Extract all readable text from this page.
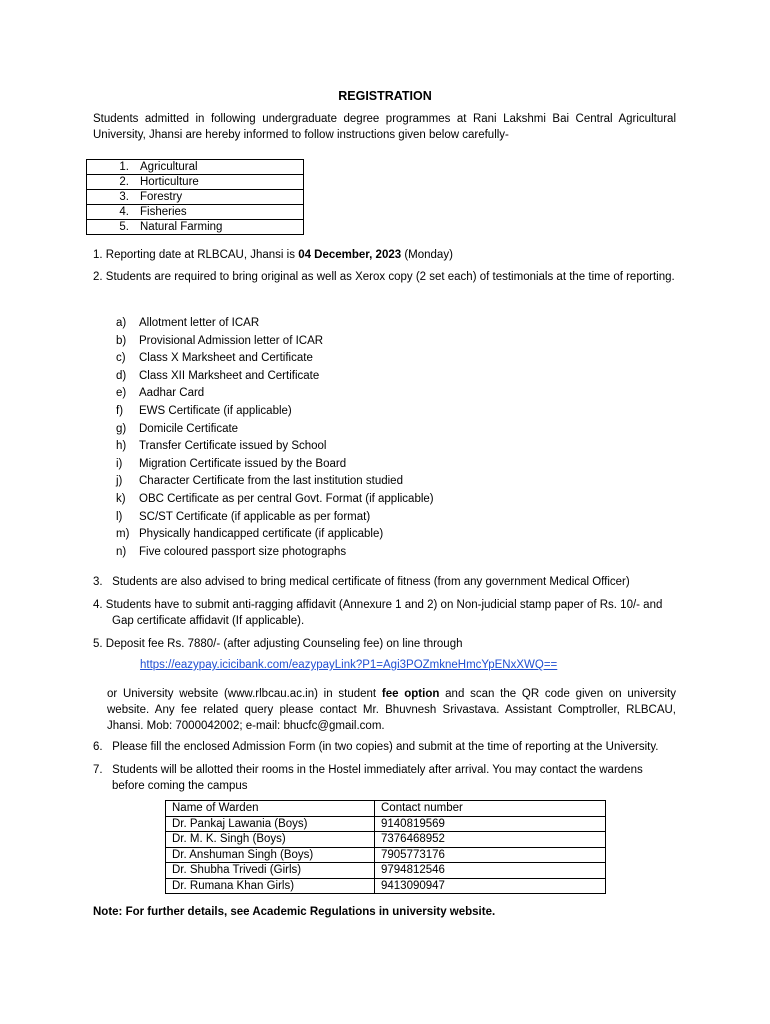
REGISTRATION
Students admitted in following undergraduate degree programmes at Rani Lakshmi Bai Central Agricultural University, Jhansi are hereby informed to follow instructions given below carefully-
1.	Agricultural
2.	Horticulture
3.	Forestry
4.	Fisheries
5.	Natural Farming
1. Reporting date at RLBCAU, Jhansi is 04 December, 2023 (Monday)
2. Students are required to bring original as well as Xerox copy (2 set each) of testimonials at the time of reporting.
a) Allotment letter of ICAR
b) Provisional Admission letter of ICAR
c) Class X Marksheet and Certificate
d) Class XII Marksheet and Certificate
e) Aadhar Card
f) EWS Certificate (if applicable)
g) Domicile Certificate
h) Transfer Certificate issued by School
i) Migration Certificate issued by the Board
j) Character Certificate from the last institution studied
k) OBC Certificate as per central Govt. Format (if applicable)
l) SC/ST Certificate (if applicable as per format)
m) Physically handicapped certificate (if applicable)
n) Five coloured passport size photographs
3.   Students are also advised to bring medical certificate of fitness (from any government Medical Officer)
4. Students have to submit anti-ragging affidavit (Annexure 1 and 2) on Non-judicial stamp paper of Rs. 10/- and
Gap certificate affidavit (If applicable).
5. Deposit fee Rs. 7880/- (after adjusting Counseling fee) on line through
https://eazypay.icicibank.com/eazypayLink?P1=Agi3POZmkneHmcYpENxXWQ==
or University website (www.rlbcau.ac.in) in student fee option and scan the QR code given on university website. Any fee related query please contact Mr. Bhuvnesh Srivastava. Assistant Comptroller, RLBCAU, Jhansi. Mob: 7000042002; e-mail: bhucfc@gmail.com.
6.   Please fill the enclosed Admission Form (in two copies) and submit at the time of reporting at the University.
7.   Students will be allotted their rooms in the Hostel immediately after arrival. You may contact the wardens
before coming the campus
Name of Warden	Contact number
Dr. Pankaj Lawania (Boys)	9140819569
Dr. M. K. Singh (Boys)	7376468952
Dr. Anshuman Singh (Boys)	7905773176
Dr. Shubha Trivedi (Girls)	9794812546
Dr. Rumana Khan Girls)	9413090947
Note: For further details, see Academic Regulations in university website.
